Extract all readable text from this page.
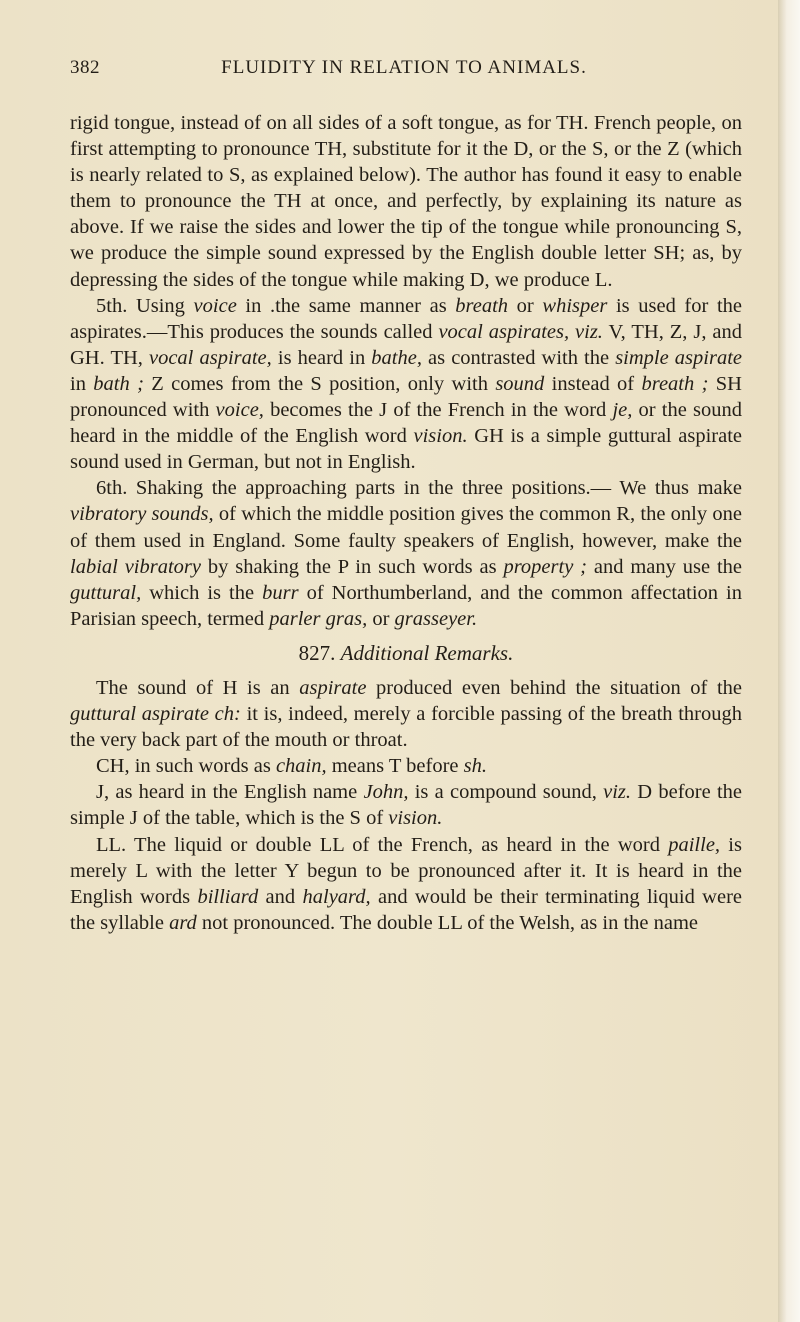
382	FLUIDITY IN RELATION TO ANIMALS.

rigid tongue, instead of on all sides of a soft tongue, as for TH. French people, on first attempting to pronounce TH, substitute for it the D, or the S, or the Z (which is nearly related to S, as explained below). The author has found it easy to enable them to pronounce the TH at once, and perfectly, by explaining its nature as above. If we raise the sides and lower the tip of the tongue while pronouncing S, we produce the simple sound expressed by the English double letter SH; as, by depressing the sides of the tongue while making D, we produce L.

5th. Using voice in .the same manner as breath or whisper is used for the aspirates.—This produces the sounds called vocal aspirates, viz. V, TH, Z, J, and GH. TH, vocal aspirate, is heard in bathe, as contrasted with the simple aspirate in bath ; Z comes from the S position, only with sound instead of breath ; SH pronounced with voice, becomes the J of the French in the word je, or the sound heard in the middle of the English word vision. GH is a simple guttural aspirate sound used in German, but not in English.

6th. Shaking the approaching parts in the three positions.— We thus make vibratory sounds, of which the middle position gives the common R, the only one of them used in England. Some faulty speakers of English, however, make the labial vibratory by shaking the P in such words as property ; and many use the guttural, which is the burr of Northumberland, and the common affectation in Parisian speech, termed parler gras, or grasseyer.

827. Additional Remarks.

The sound of H is an aspirate produced even behind the situation of the guttural aspirate ch: it is, indeed, merely a forcible passing of the breath through the very back part of the mouth or throat.

CH, in such words as chain, means T before sh.

J, as heard in the English name John, is a compound sound, viz. D before the simple J of the table, which is the S of vision.

LL. The liquid or double LL of the French, as heard in the word paille, is merely L with the letter Y begun to be pronounced after it. It is heard in the English words billiard and halyard, and would be their terminating liquid were the syllable ard not pronounced. The double LL of the Welsh, as in the name
